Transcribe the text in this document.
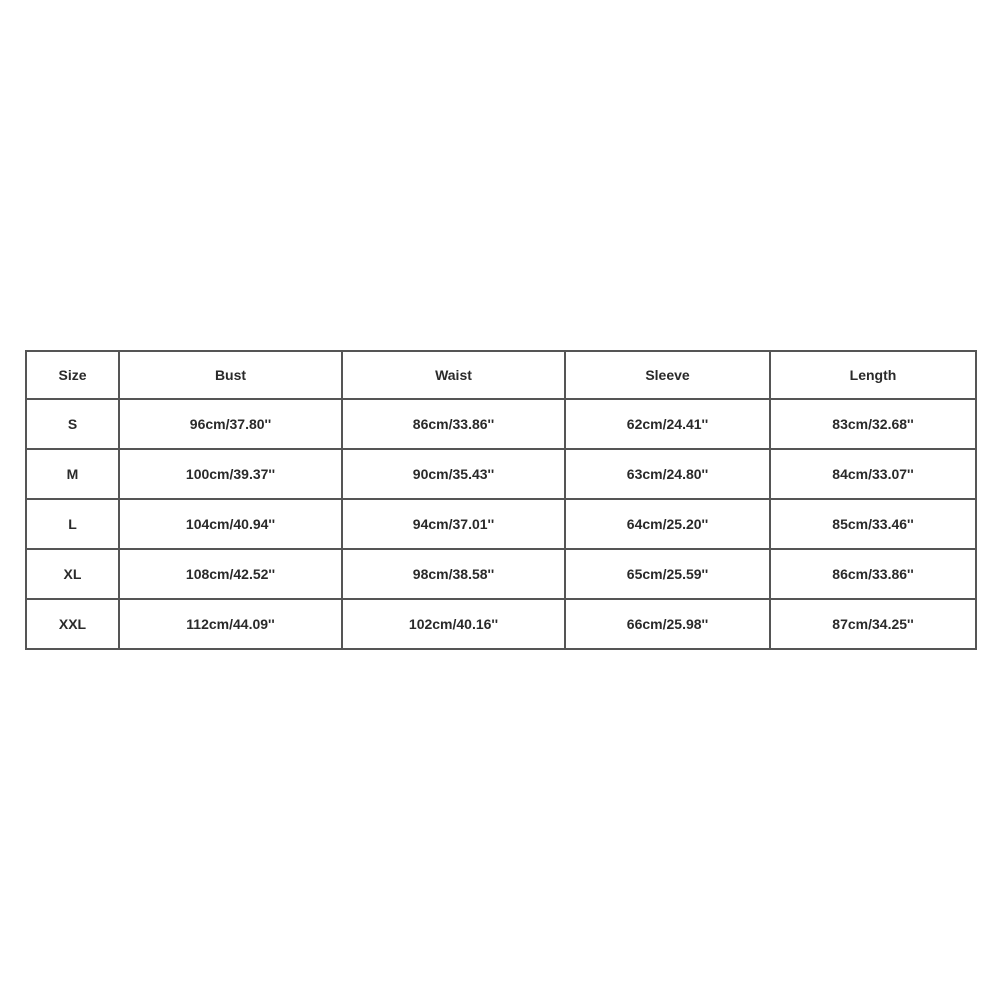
Size	Bust	Waist	Sleeve	Length
S	96cm/37.80''	86cm/33.86''	62cm/24.41''	83cm/32.68''
M	100cm/39.37''	90cm/35.43''	63cm/24.80''	84cm/33.07''
L	104cm/40.94''	94cm/37.01''	64cm/25.20''	85cm/33.46''
XL	108cm/42.52''	98cm/38.58''	65cm/25.59''	86cm/33.86''
XXL	112cm/44.09''	102cm/40.16''	66cm/25.98''	87cm/34.25''
